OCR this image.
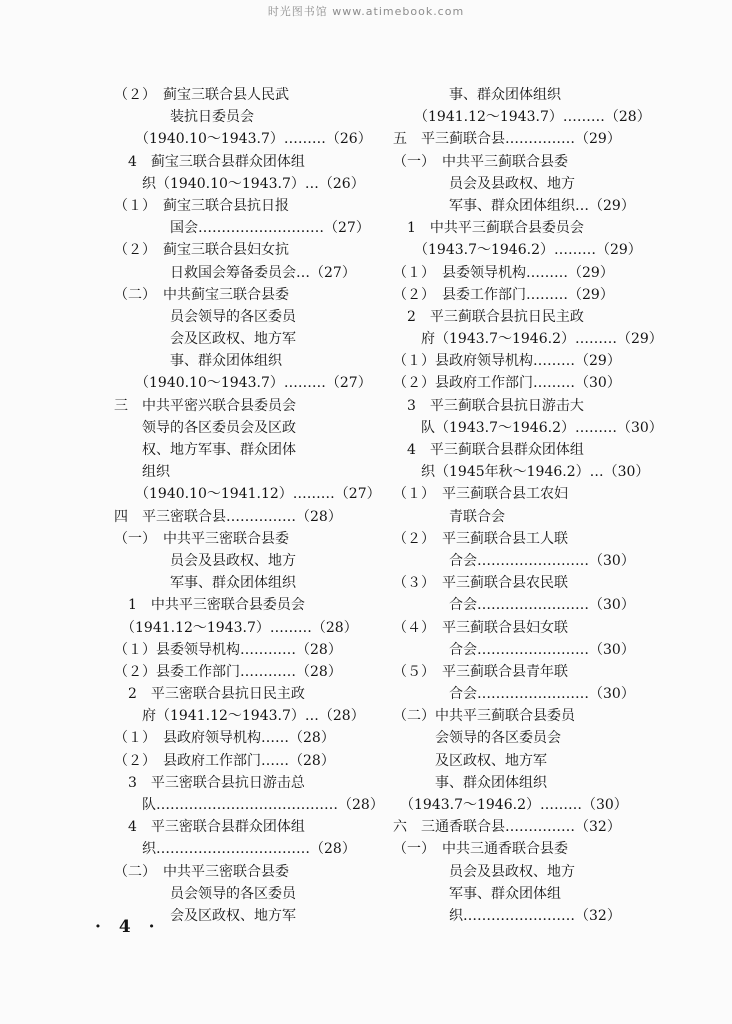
时光图书馆 www.atimebook.com
（２）　蓟宝三联合县人民武
　　　　装抗日委员会
　　（1940.10～1943.7）………（26）
　4　蓟宝三联合县群众团体组
　　织（1940.10～1943.7）…（26）
（１）　蓟宝三联合县抗日报
　　　　国会………………………（27）
（２）　蓟宝三联合县妇女抗
　　　　日救国会筹备委员会…（27）
（二）　中共蓟宝三联合县委
　　　　员会领导的各区委员
　　　　会及区政权、地方军
　　　　事、群众团体组织
　　（1940.10～1943.7）………（27）
三　中共平密兴联合县委员会
　　领导的各区委员会及区政
　　权、地方军事、群众团体
　　组织
　　（1940.10～1941.12）………（27）
四　平三密联合县……………（28）
（一）　中共平三密联合县委
　　　　员会及县政权、地方
　　　　军事、群众团体组织
　1　中共平三密联合县委员会
　（1941.12～1943.7）………（28）
（１）县委领导机构…………（28）
（２）县委工作部门…………（28）
　2　平三密联合县抗日民主政
　　府（1941.12～1943.7）…（28）
（１）　县政府领导机构……（28）
（２）　县政府工作部门……（28）
　3　平三密联合县抗日游击总
　　队…………………………………（28）
　4　平三密联合县群众团体组
　　织……………………………（28）
（二）　中共平三密联合县委
　　　　员会领导的各区委员
　　　　会及区政权、地方军
　　　　事、群众团体组织
　　（1941.12～1943.7）………（28）
五　平三蓟联合县……………（29）
（一）　中共平三蓟联合县委
　　　　员会及县政权、地方
　　　　军事、群众团体组织…（29）
　1　中共平三蓟联合县委员会
　　（1943.7～1946.2）………（29）
（１）　县委领导机构………（29）
（２）　县委工作部门………（29）
　2　平三蓟联合县抗日民主政
　　府（1943.7～1946.2）………（29）
（１）县政府领导机构………（29）
（２）县政府工作部门………（30）
　3　平三蓟联合县抗日游击大
　　队（1943.7～1946.2）………（30）
　4　平三蓟联合县群众团体组
　　织（1945年秋～1946.2）…（30）
（１）　平三蓟联合县工农妇
　　　　青联合会
（２）　平三蓟联合县工人联
　　　　合会……………………（30）
（３）　平三蓟联合县农民联
　　　　合会……………………（30）
（４）　平三蓟联合县妇女联
　　　　合会……………………（30）
（５）　平三蓟联合县青年联
　　　　合会……………………（30）
（二）中共平三蓟联合县委员
　　　会领导的各区委员会
　　　及区政权、地方军
　　　事、群众团体组织
　（1943.7～1946.2）………（30）
六　三通香联合县……………（32）
（一）　中共三通香联合县委
　　　　员会及县政权、地方
　　　　军事、群众团体组
　　　　织……………………（32）
· 4 ·
